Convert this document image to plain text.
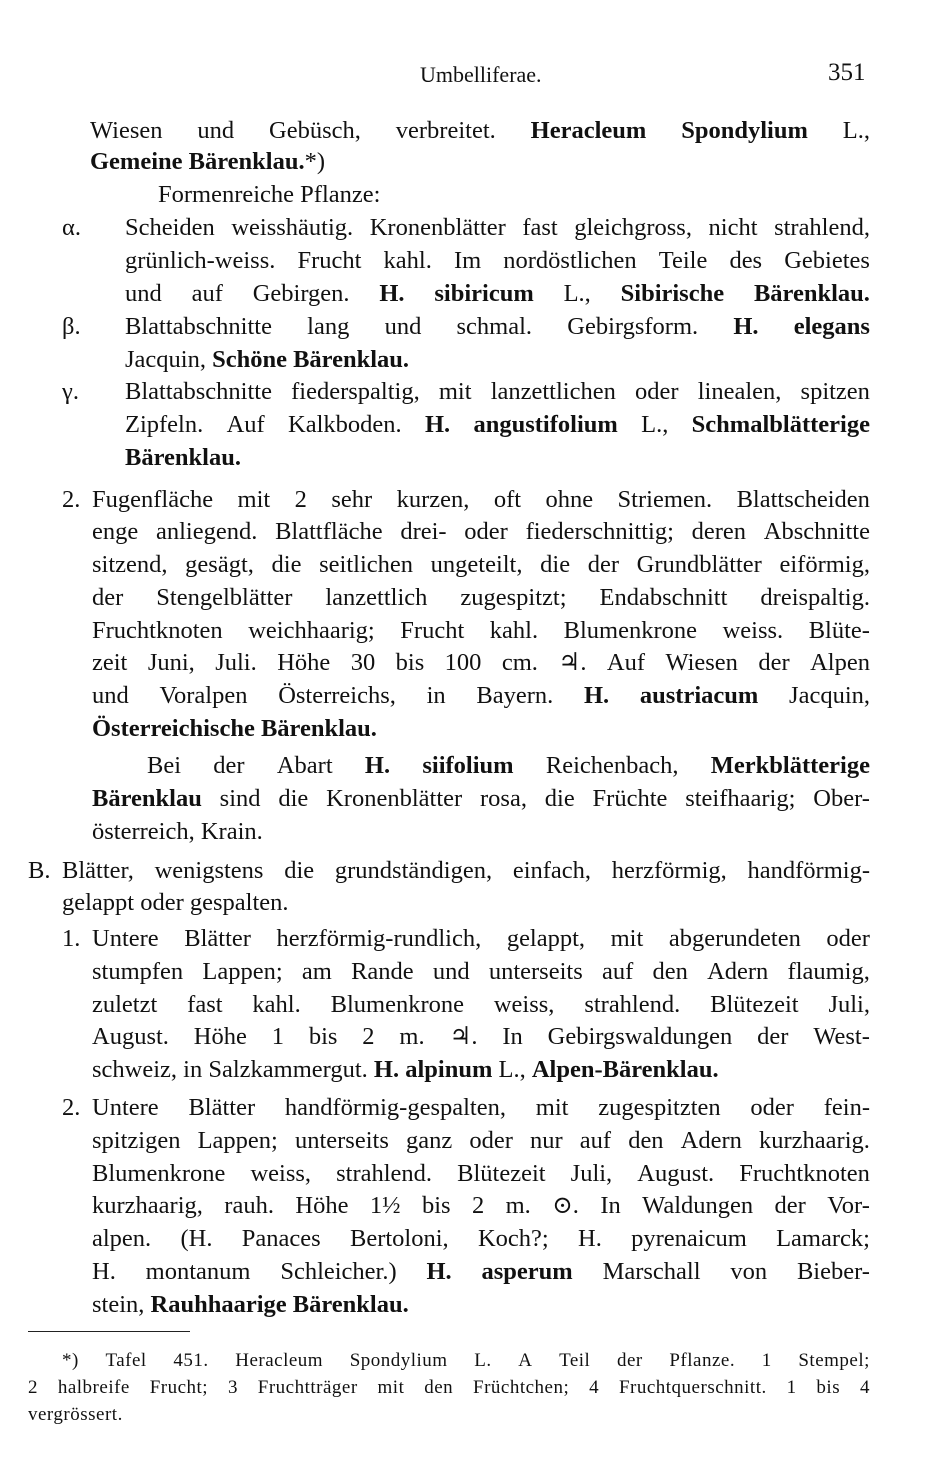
Umbelliferae.	351
Wiesen und Gebüsch, verbreitet. Heracleum Spondylium L.,
Gemeine Bärenklau.*)
Formenreiche Pflanze:
α. Scheiden weisshäutig. Kronenblätter fast gleichgross, nicht strahlend,
grünlich-weiss. Frucht kahl. Im nordöstlichen Teile des Gebietes
und auf Gebirgen. H. sibiricum L., Sibirische Bärenklau.
β. Blattabschnitte lang und schmal. Gebirgsform. H. elegans
Jacquin, Schöne Bärenklau.
γ. Blattabschnitte fiederspaltig, mit lanzettlichen oder linealen, spitzen
Zipfeln. Auf Kalkboden. H. angustifolium L., Schmalblätterige
Bärenklau.
2. Fugenfläche mit 2 sehr kurzen, oft ohne Striemen. Blattscheiden
enge anliegend. Blattfläche drei- oder fiederschnittig; deren Abschnitte
sitzend, gesägt, die seitlichen ungeteilt, die der Grundblätter eiförmig,
der Stengelblätter lanzettlich zugespitzt; Endabschnitt dreispaltig.
Fruchtknoten weichhaarig; Frucht kahl. Blumenkrone weiss. Blüte-
zeit Juni, Juli. Höhe 30 bis 100 cm. ♃. Auf Wiesen der Alpen
und Voralpen Österreichs, in Bayern. H. austriacum Jacquin,
Österreichische Bärenklau.
Bei der Abart H. siifolium Reichenbach, Merkblätterige
Bärenklau sind die Kronenblätter rosa, die Früchte steifhaarig; Ober-
österreich, Krain.
B. Blätter, wenigstens die grundständigen, einfach, herzförmig, handförmig-
gelappt oder gespalten.
1. Untere Blätter herzförmig-rundlich, gelappt, mit abgerundeten oder
stumpfen Lappen; am Rande und unterseits auf den Adern flaumig,
zuletzt fast kahl. Blumenkrone weiss, strahlend. Blütezeit Juli,
August. Höhe 1 bis 2 m. ♃. In Gebirgswaldungen der West-
schweiz, in Salzkammergut. H. alpinum L., Alpen-Bärenklau.
2. Untere Blätter handförmig-gespalten, mit zugespitzten oder fein-
spitzigen Lappen; unterseits ganz oder nur auf den Adern kurzhaarig.
Blumenkrone weiss, strahlend. Blütezeit Juli, August. Fruchtknoten
kurzhaarig, rauh. Höhe 1½ bis 2 m. ⊙. In Waldungen der Vor-
alpen. (H. Panaces Bertoloni, Koch?; H. pyrenaicum Lamarck;
H. montanum Schleicher.) H. asperum Marschall von Bieber-
stein, Rauhhaarige Bärenklau.
*) Tafel 451. Heracleum Spondylium L. A Teil der Pflanze. 1 Stempel;
2 halbreife Frucht; 3 Fruchtträger mit den Früchtchen; 4 Fruchtquerschnitt. 1 bis 4
vergrössert.
